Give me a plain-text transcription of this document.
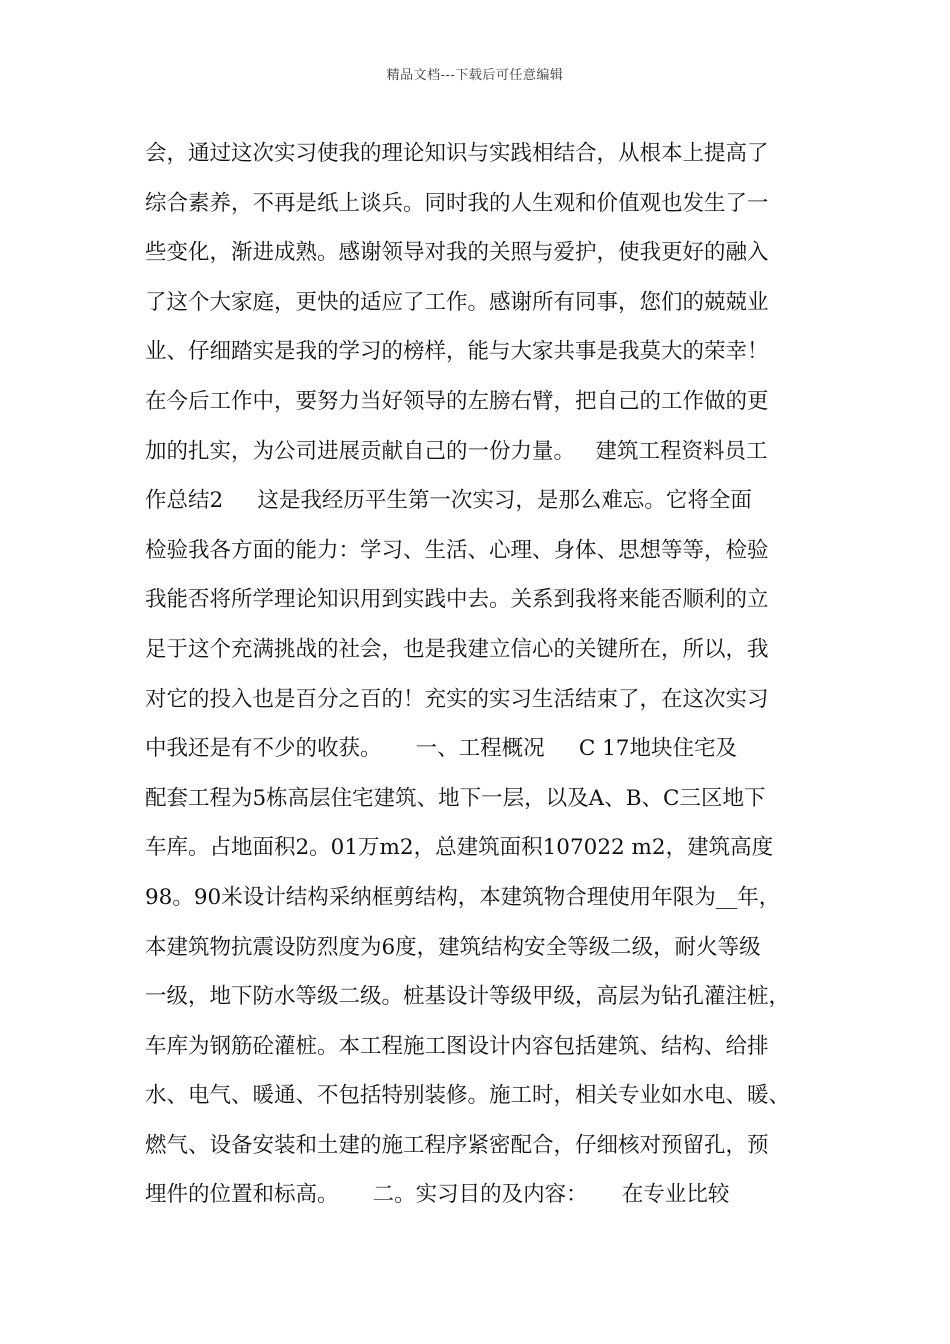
精品文档---下载后可任意编辑
会，通过这次实习使我的理论知识与实践相结合，从根本上提高了
综合素养，不再是纸上谈兵。同时我的人生观和价值观也发生了一
些变化，渐进成熟。感谢领导对我的关照与爱护，使我更好的融入
了这个大家庭，更快的适应了工作。感谢所有同事，您们的兢兢业
业、仔细踏实是我的学习的榜样，能与大家共事是我莫大的荣幸！
在今后工作中，要努力当好领导的左膀右臂，把自己的工作做的更
加的扎实，为公司进展贡献自己的一份力量。   建筑工程资料员工
作总结2     这是我经历平生第一次实习，是那么难忘。它将全面
检验我各方面的能力：学习、生活、心理、身体、思想等等，检验
我能否将所学理论知识用到实践中去。关系到我将来能否顺利的立
足于这个充满挑战的社会，也是我建立信心的关键所在，所以，我
对它的投入也是百分之百的！充实的实习生活结束了，在这次实习
中我还是有不少的收获。     一、工程概况     C 17地块住宅及
配套工程为5栋高层住宅建筑、地下一层，以及A、B、C三区地下
车库。占地面积2。01万m2，总建筑面积107022 m2，建筑高度
98。90米设计结构采纳框剪结构，本建筑物合理使用年限为__年，
本建筑物抗震设防烈度为6度，建筑结构安全等级二级，耐火等级
一级，地下防水等级二级。桩基设计等级甲级，高层为钻孔灌注桩，
车库为钢筋砼灌桩。本工程施工图设计内容包括建筑、结构、给排
水、电气、暖通、不包括特别装修。施工时，相关专业如水电、暖、
燃气、设备安装和土建的施工程序紧密配合，仔细核对预留孔，预
埋件的位置和标高。     二。实习目的及内容：     在专业比较
